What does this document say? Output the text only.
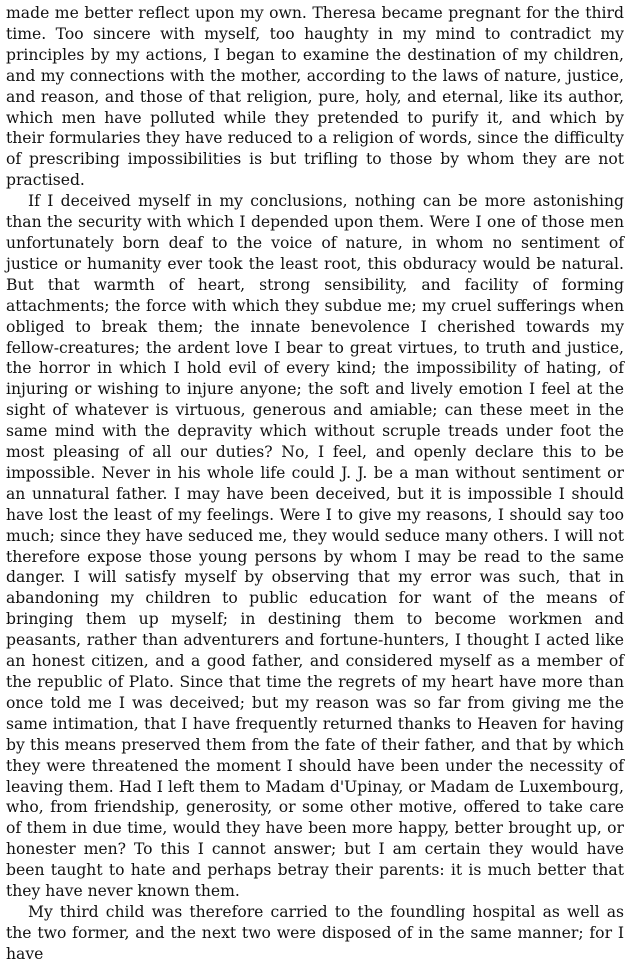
made me better reflect upon my own. Theresa became pregnant for the third time. Too sincere with myself, too haughty in my mind to contradict my principles by my actions, I began to examine the destination of my children, and my connections with the mother, according to the laws of nature, justice, and reason, and those of that religion, pure, holy, and eternal, like its author, which men have polluted while they pretended to purify it, and which by their formularies they have reduced to a religion of words, since the difficulty of prescribing impossibilities is but trifling to those by whom they are not practised.

If I deceived myself in my conclusions, nothing can be more astonishing than the security with which I depended upon them. Were I one of those men unfortunately born deaf to the voice of nature, in whom no sentiment of justice or humanity ever took the least root, this obduracy would be natural. But that warmth of heart, strong sensibility, and facility of forming attachments; the force with which they subdue me; my cruel sufferings when obliged to break them; the innate benevolence I cherished towards my fellow-creatures; the ardent love I bear to great virtues, to truth and justice, the horror in which I hold evil of every kind; the impossibility of hating, of injuring or wishing to injure anyone; the soft and lively emotion I feel at the sight of whatever is virtuous, generous and amiable; can these meet in the same mind with the depravity which without scruple treads under foot the most pleasing of all our duties? No, I feel, and openly declare this to be impossible. Never in his whole life could J. J. be a man without sentiment or an unnatural father. I may have been deceived, but it is impossible I should have lost the least of my feelings. Were I to give my reasons, I should say too much; since they have seduced me, they would seduce many others. I will not therefore expose those young persons by whom I may be read to the same danger. I will satisfy myself by observing that my error was such, that in abandoning my children to public education for want of the means of bringing them up myself; in destining them to become workmen and peasants, rather than adventurers and fortune-hunters, I thought I acted like an honest citizen, and a good father, and considered myself as a member of the republic of Plato. Since that time the regrets of my heart have more than once told me I was deceived; but my reason was so far from giving me the same intimation, that I have frequently returned thanks to Heaven for having by this means preserved them from the fate of their father, and that by which they were threatened the moment I should have been under the necessity of leaving them. Had I left them to Madam d'Upinay, or Madam de Luxembourg, who, from friendship, generosity, or some other motive, offered to take care of them in due time, would they have been more happy, better brought up, or honester men? To this I cannot answer; but I am certain they would have been taught to hate and perhaps betray their parents: it is much better that they have never known them.

My third child was therefore carried to the foundling hospital as well as the two former, and the next two were disposed of in the same manner; for I have
